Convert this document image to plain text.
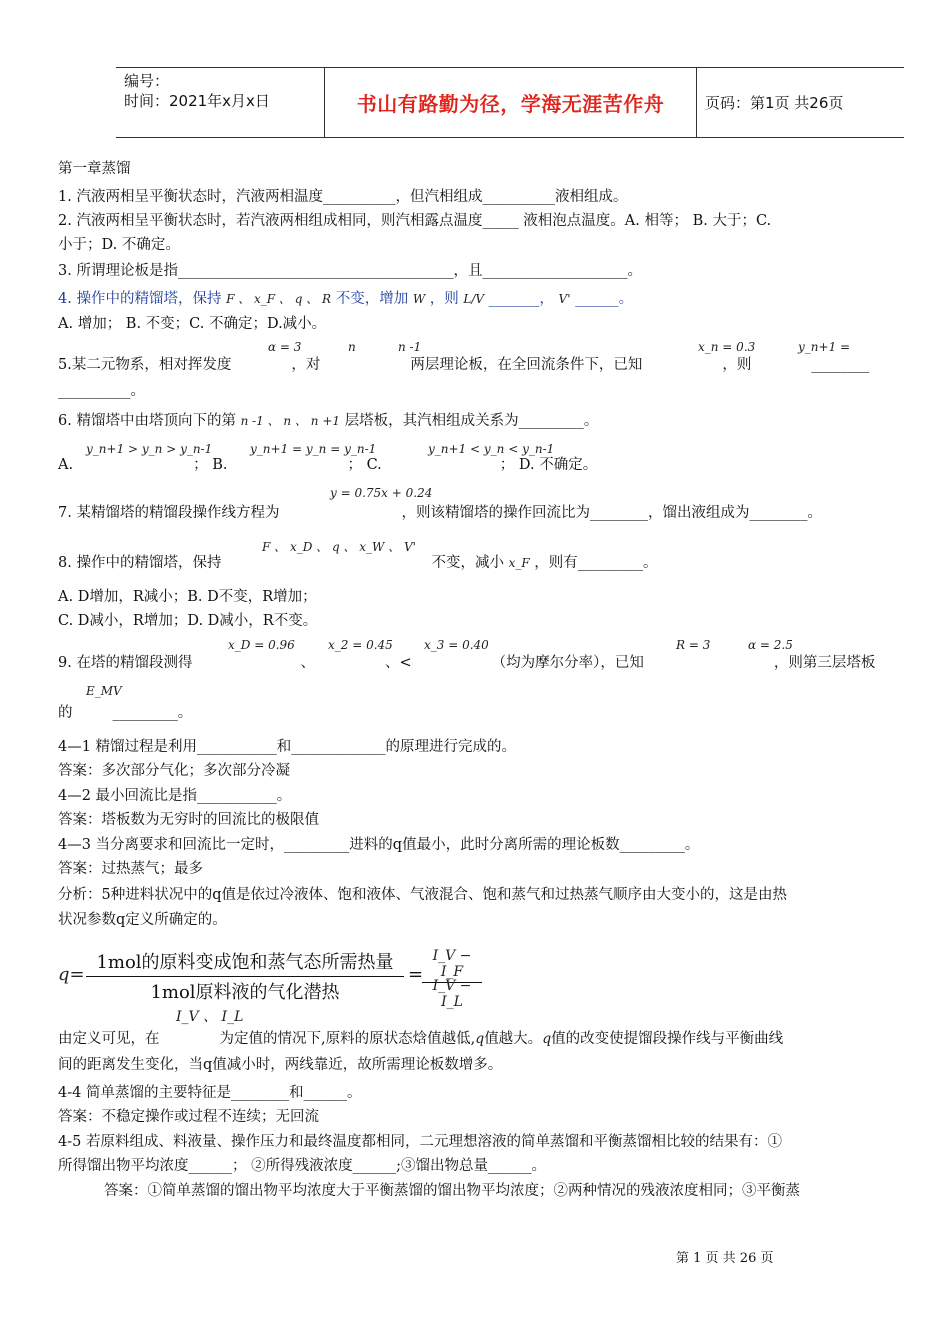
编号：
时间：2021年x月x日	书山有路勤为径，学海无涯苦作舟	页码：第1页 共26页
第一章蒸馏
1. 汽液两相呈平衡状态时，汽液两相温度__________，但汽相组成__________液相组成。
2. 汽液两相呈平衡状态时，若汽液两相组成相同，则汽相露点温度_____ 液相泡点温度。A. 相等； B. 大于；C.
小于；D. 不确定。
3. 所谓理论板是指______________________________________，且____________________。
4. 操作中的精馏塔，保持 F 、 x_F 、 q 、 R 不变，增加 W ，则 L/V _______， V' ______。
A. 增加； B. 不变；C. 不确定；D.减小。
α = 3	n	n -1	x_n = 0.3	y_n+1 =
5.某二元物系，相对挥发度	，对	两层理论板，在全回流条件下，已知	，则	________
__________。
6. 精馏塔中由塔顶向下的第 n -1 、 n 、 n +1 层塔板，其汽相组成关系为_________。
y_n+1 > y_n > y_n-1	y_n+1 = y_n = y_n-1	y_n+1 < y_n < y_n-1
A.	； B.	； C.	； D. 不确定。
y = 0.75x + 0.24
7. 某精馏塔的精馏段操作线方程为	，则该精馏塔的操作回流比为________，馏出液组成为________。
F 、 x_D 、 q 、 x_W 、 V'
8. 操作中的精馏塔，保持	不变，减小 x_F ，则有_________。
A. D增加，R减小；B. D不变，R增加；
C. D减小，R增加；D. D减小，R不变。
x_D = 0.96	x_2 = 0.45	x_3 = 0.40	R = 3	α = 2.5
9. 在塔的精馏段测得	、	、<	（均为摩尔分率），已知	，则第三层塔板
E_MV
的	_________。
4—1 精馏过程是利用___________和_____________的原理进行完成的。
答案：多次部分气化；多次部分冷凝
4—2 最小回流比是指___________。
答案：塔板数为无穷时的回流比的极限值
4—3 当分离要求和回流比一定时，_________进料的q值最小，此时分离所需的理论板数_________。
答案：过热蒸气；最多
分析：5种进料状况中的q值是依过冷液体、饱和液体、气液混合、饱和蒸气和过热蒸气顺序由大变小的，这是由热
状况参数q定义所确定的。
q=
1mol的原料变成饱和蒸气态所需热量
1mol原料液的气化潜热
=
I_V − I_F
I_V − I_L
I_V 、 I_L
由定义可见，在	为定值的情况下,原料的原状态焓值越低,q值越大。q值的改变使提馏段操作线与平衡曲线
间的距离发生变化，当q值减小时，两线靠近，故所需理论板数增多。
4-4 简单蒸馏的主要特征是________和______。
答案：不稳定操作或过程不连续；无回流
4-5 若原料组成、料液量、操作压力和最终温度都相同，二元理想溶液的简单蒸馏和平衡蒸馏相比较的结果有：①
所得馏出物平均浓度______； ②所得残液浓度______;③馏出物总量______。
答案：①简单蒸馏的馏出物平均浓度大于平衡蒸馏的馏出物平均浓度；②两种情况的残液浓度相同；③平衡蒸
第 1 页 共 26 页
